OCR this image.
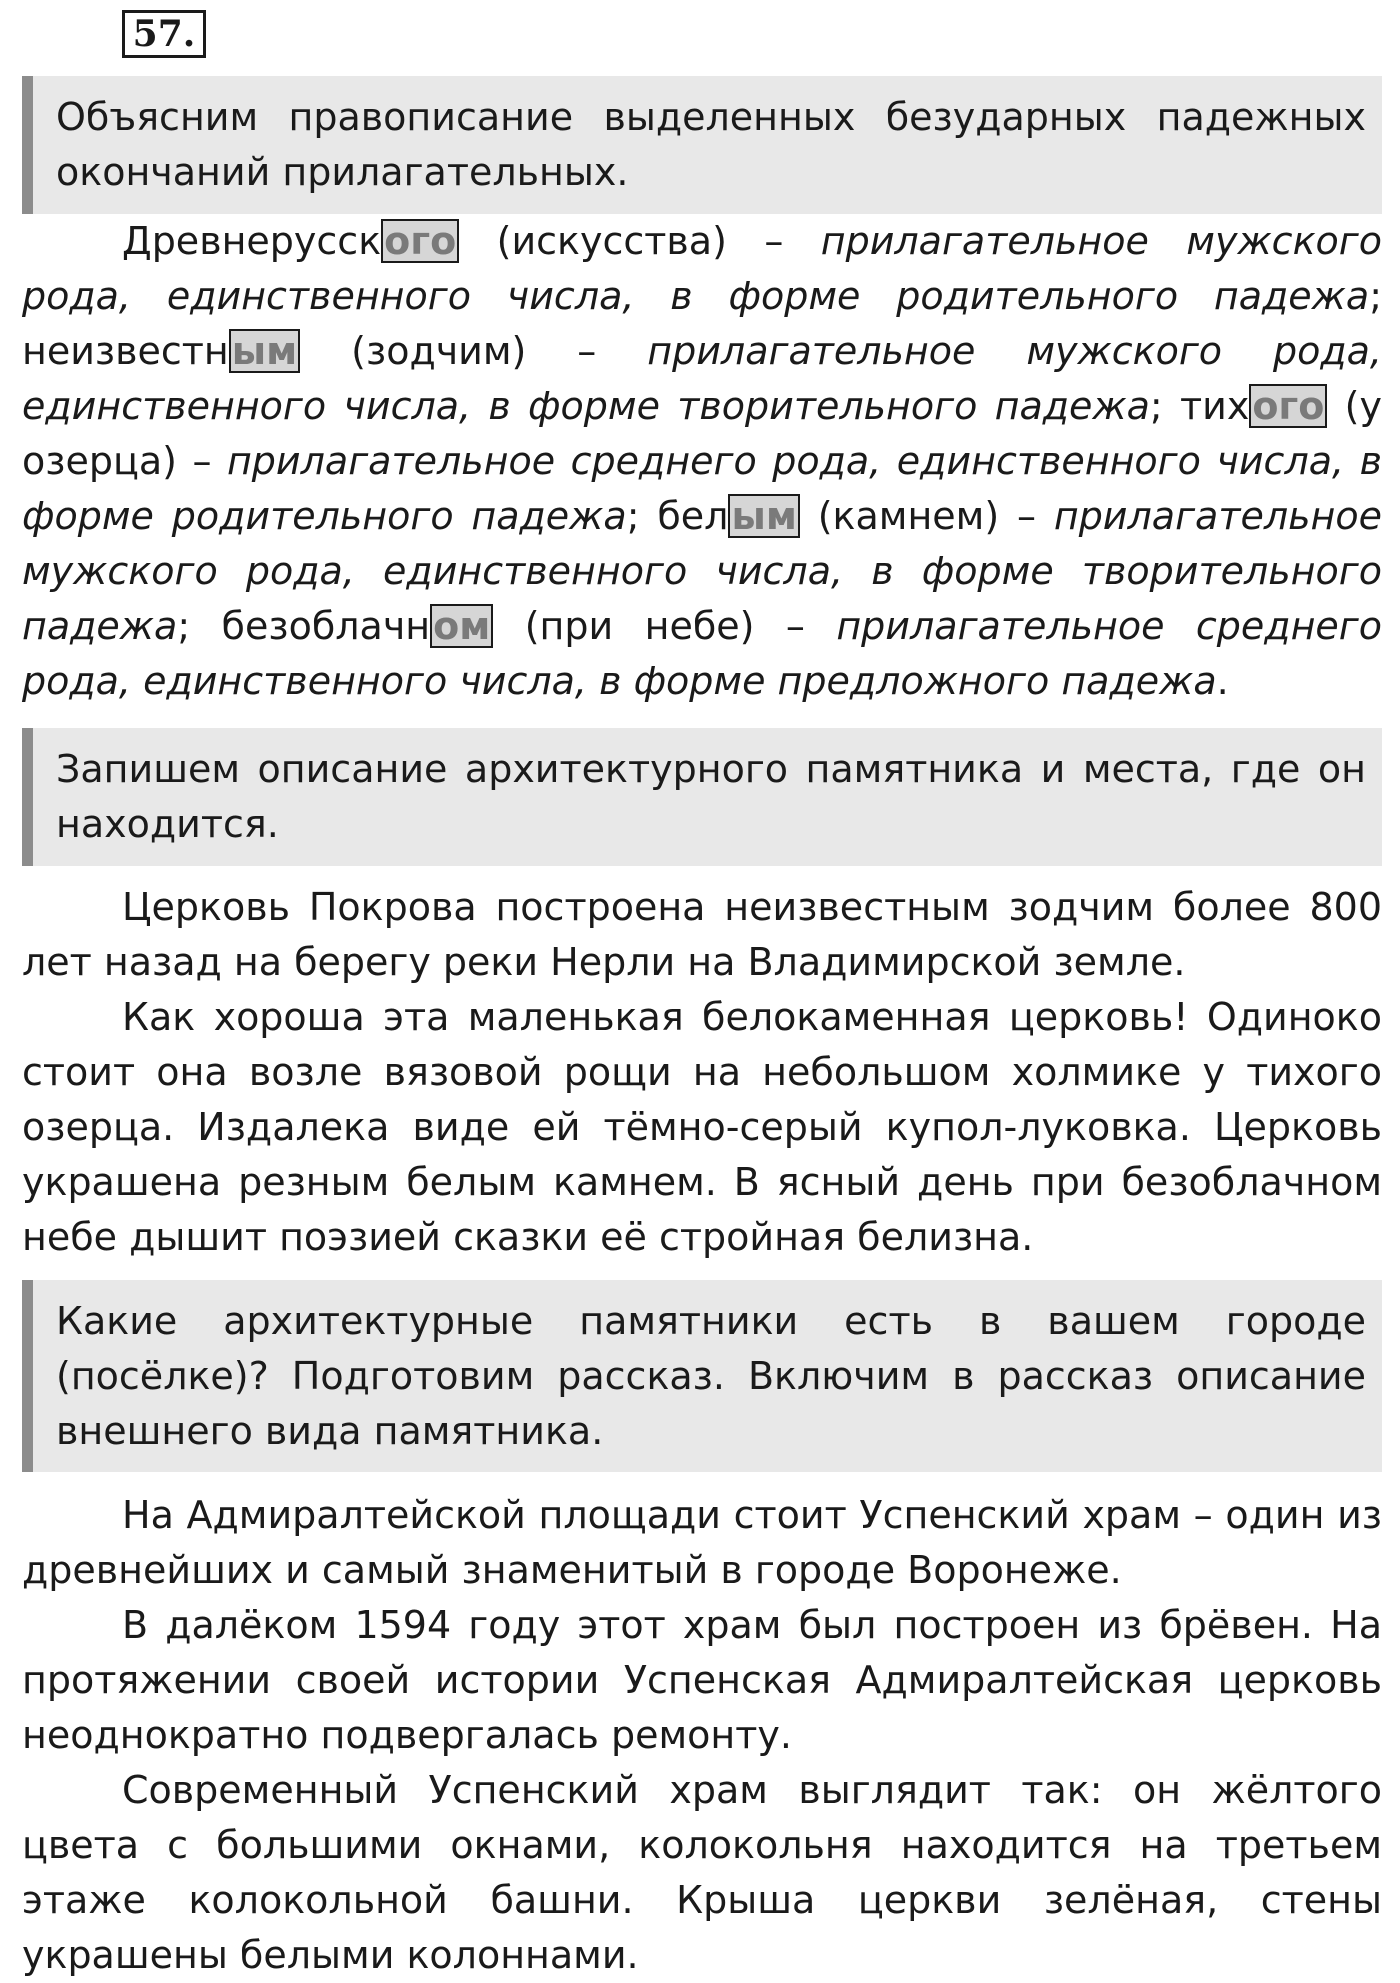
57.

Объясним правописание выделенных безударных падежных окончаний прилагательных.

Древнерусского (искусства) – прилагательное мужского рода, единственного числа, в форме родительного падежа; неизвестным (зодчим) – прилагательное мужского рода, единственного числа, в форме творительного падежа; тихого (у озерца) – прилагательное среднего рода, единственного числа, в форме родительного падежа; белым (камнем) – прилагательное мужского рода, единственного числа, в форме творительного падежа; безоблачном (при небе) – прилагательное среднего рода, единственного числа, в форме предложного падежа.

Запишем описание архитектурного памятника и места, где он находится.

Церковь Покрова построена неизвестным зодчим более 800 лет назад на берегу реки Нерли на Владимирской земле.

Как хороша эта маленькая белокаменная церковь! Одиноко стоит она возле вязовой рощи на небольшом холмике у тихого озерца. Издалека виде ей тёмно-серый купол-луковка. Церковь украшена резным белым камнем. В ясный день при безоблачном небе дышит поэзией сказки её стройная белизна.

Какие архитектурные памятники есть в вашем городе (посёлке)? Подготовим рассказ. Включим в рассказ описание внешнего вида памятника.

На Адмиралтейской площади стоит Успенский храм – один из древнейших и самый знаменитый в городе Воронеже.

В далёком 1594 году этот храм был построен из брёвен. На протяжении своей истории Успенская Адмиралтейская церковь неоднократно подвергалась ремонту.

Современный Успенский храм выглядит так: он жёлтого цвета с большими окнами, колокольня находится на третьем этаже колокольной башни. Крыша церкви зелёная, стены украшены белыми колоннами.
